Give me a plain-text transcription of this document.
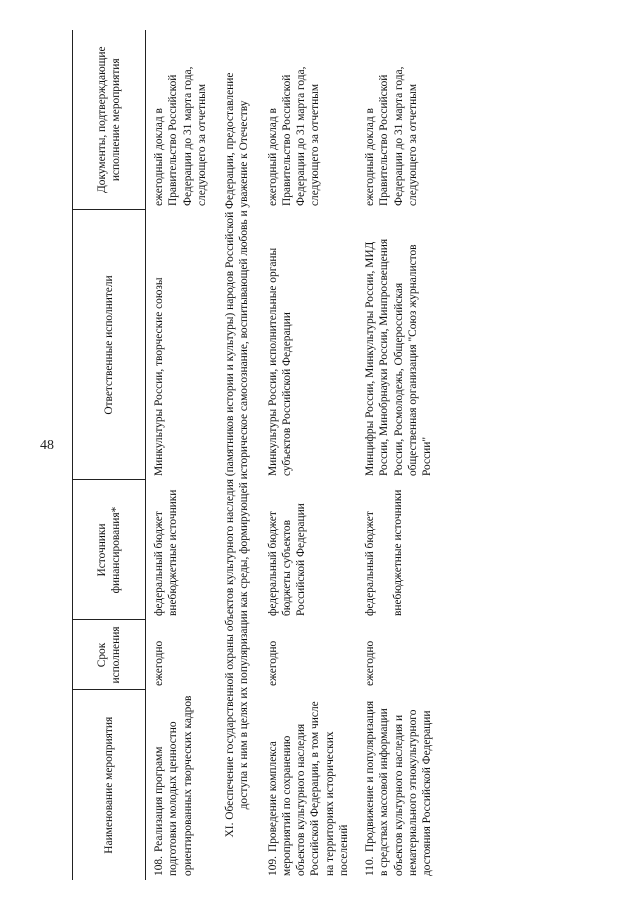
48
Наименование мероприятия	Срок исполнения	Источники финансирования*	Ответственные исполнители	Документы, подтверждающие исполнение мероприятия
108.Реализация программ подготовки молодых ценностно ориентированных творческих кадров	ежегодно	федеральный бюджет внебюджетные источники	Минкультуры России, творческие союзы	ежегодный доклад в Правительство Российской Федерации до 31 марта года, следующего за отчетным
XI. Обеспечение государственной охраны объектов культурного наследия (памятников истории и культуры) народов Российской Федерации, предоставление доступа к ним в целях их популяризации как среды, формирующей историческое самосознание, воспитывающей любовь и уважение к Отечеству				
109.Проведение комплекса мероприятий по сохранению объектов культурного наследия Российской Федерации, в том числе на территориях исторических поселений	ежегодно	федеральный бюджет бюджеты субъектов Российской Федерации	Минкультуры России, исполнительные органы субъектов Российской Федерации	ежегодный доклад в Правительство Российской Федерации до 31 марта года, следующего за отчетным
110.Продвижение и популяризация в средствах массовой информации объектов культурного наследия и нематериального этнокультурного достояния Российской Федерации	ежегодно	федеральный бюджет внебюджетные источники	Минцифры России, Минкультуры России, МИД России, Минобрнауки России, Минпросвещения России, Росмолодежь, Общероссийская общественная организация "Союз журналистов России"	ежегодный доклад в Правительство Российской Федерации до 31 марта года, следующего за отчетным
